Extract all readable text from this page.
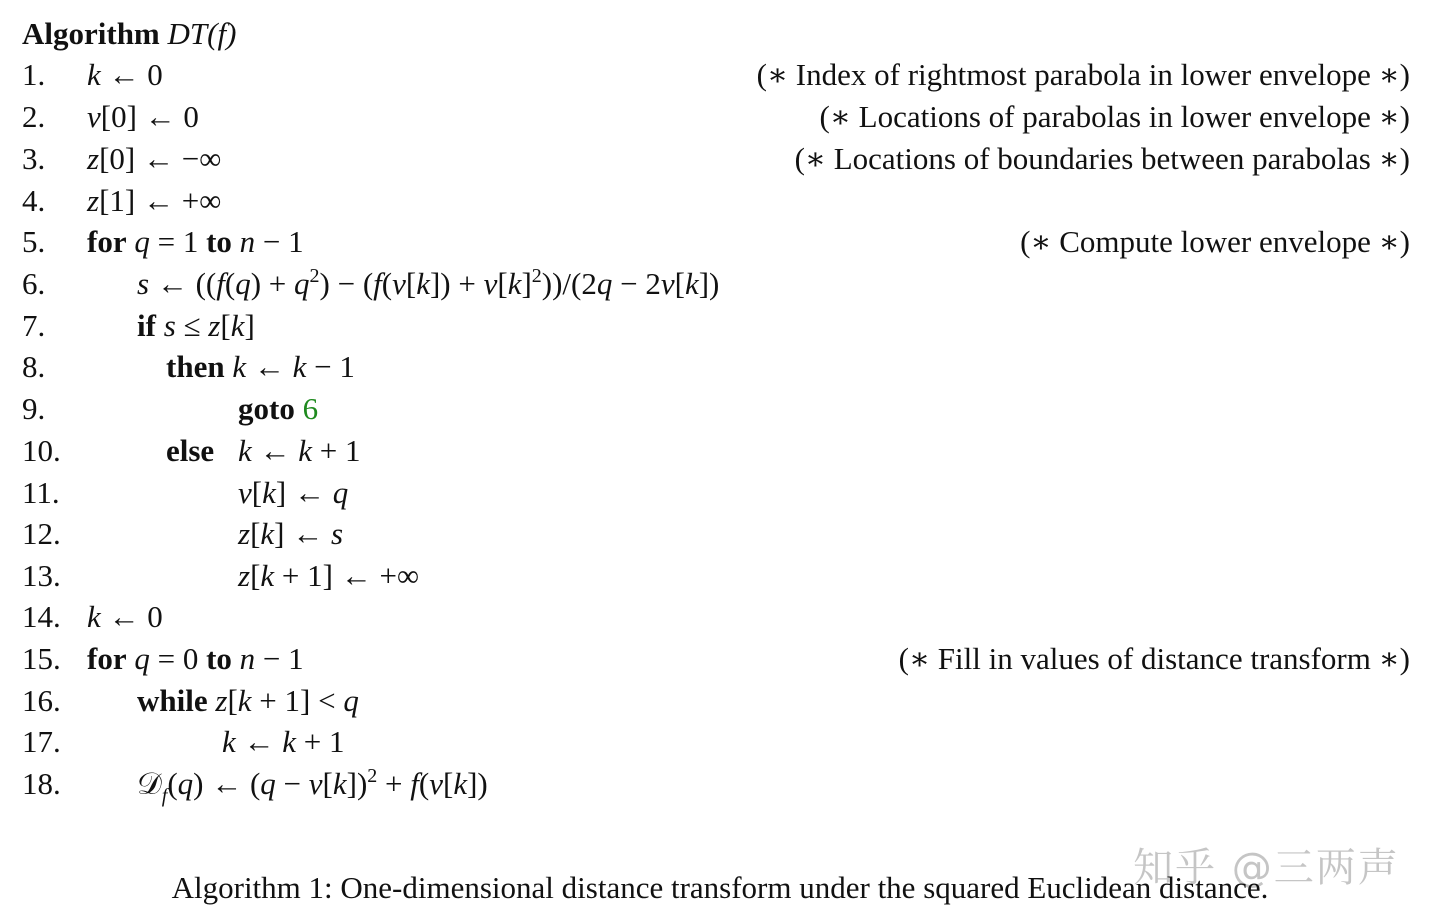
Algorithm DT(f)
1. k ← 0	(∗ Index of rightmost parabola in lower envelope ∗)
2. v[0] ← 0	(∗ Locations of parabolas in lower envelope ∗)
3. z[0] ← −∞	(∗ Locations of boundaries between parabolas ∗)
4. z[1] ← +∞
5. for q = 1 to n − 1	(∗ Compute lower envelope ∗)
6.	s ← $((f(q) + q^2) - (f(v[k]) + v[k]^2))/(2q - 2v[k])$
7.	if s ≤ z[k]
8.	then k ← k − 1
9.	goto 6
10.	else k ← k + 1
11.	v[k] ← q
12.	z[k] ← s
13.	z[k + 1] ← +∞
14. k ← 0
15. for q = 0 to n − 1	(∗ Fill in values of distance transform ∗)
16. while z[k + 1] < q
17.	k ← k + 1
18. 𝒟$_f$(q) ← $(q - v[k])^2 + f(v[k])$
知乎 @三两声
Algorithm 1: One-dimensional distance transform under the squared Euclidean distance.
